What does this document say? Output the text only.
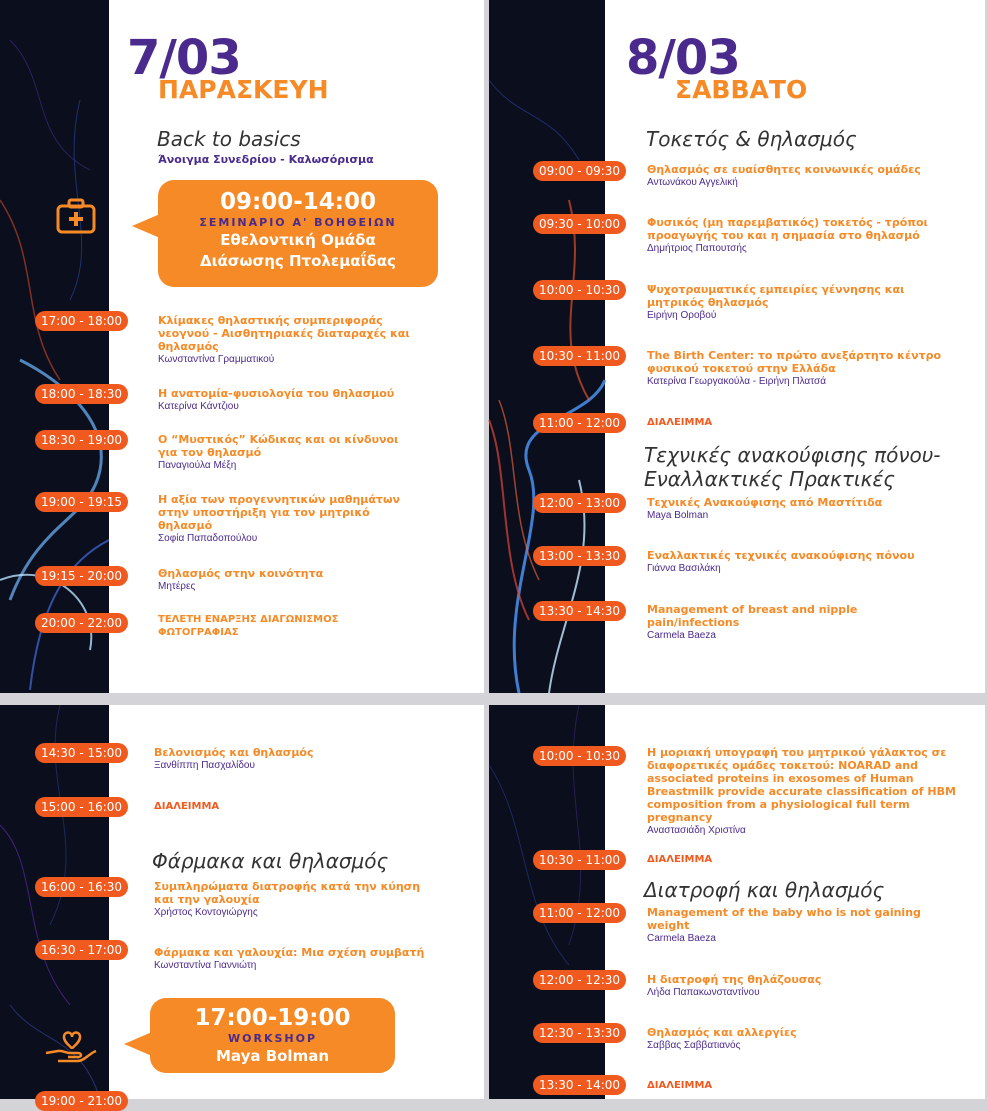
7/03
ΠΑΡΑΣΚΕΥΗ
Back to basics
Άνοιγμα Συνεδρίου - Καλωσόρισμα
09:00-14:00
ΣΕΜΙΝΑΡΙΟ Α' ΒΟΗΘΕΙΩΝ
Εθελοντική Ομάδα
Διάσωσης Πτολεμαΐδας
17:00 - 18:00	Κλίμακες θηλαστικής συμπεριφοράς νεογνού - Αισθητηριακές διαταραχές και θηλασμός
Κωνσταντίνα Γραμματικού
18:00 - 18:30	Η ανατομία-φυσιολογία του θηλασμού
Κατερίνα Κάντζιου
18:30 - 19:00	Ο “Μυστικός” Κώδικας και οι κίνδυνοι για τον θηλασμό
Παναγιούλα Μέξη
19:00 - 19:15	Η αξία των προγεννητικών μαθημάτων στην υποστήριξη για τον μητρικό θηλασμό
Σοφία Παπαδοπούλου
19:15 - 20:00	Θηλασμός στην κοινότητα
Μητέρες
20:00 - 22:00	ΤΕΛΕΤΗ ΕΝΑΡΞΗΣ ΔΙΑΓΩΝΙΣΜΟΣ ΦΩΤΟΓΡΑΦΙΑΣ
8/03
ΣΑΒΒΑΤΟ
Τοκετός & θηλασμός
09:00 - 09:30	Θηλασμός σε ευαίσθητες κοινωνικές ομάδες
Αντωνάκου Αγγελική
09:30 - 10:00	Φυσικός (μη παρεμβατικός) τοκετός - τρόποι προαγωγής του και η σημασία στο θηλασμό
Δημήτριος Παπουτσής
10:00 - 10:30	Ψυχοτραυματικές εμπειρίες γέννησης και μητρικός θηλασμός
Ειρήνη Οροβού
10:30 - 11:00	The Birth Center: το πρώτο ανεξάρτητο κέντρο φυσικού τοκετού στην Ελλάδα
Κατερίνα Γεωργακούλα - Ειρήνη Πλατσά
11:00 - 12:00	ΔΙΑΛΕΙΜΜΑ
Τεχνικές ανακούφισης πόνου-Εναλλακτικές Πρακτικές
12:00 - 13:00	Τεχνικές Ανακούφισης από Μαστίτιδα
Maya Bolman
13:00 - 13:30	Εναλλακτικές τεχνικές ανακούφισης πόνου
Γιάννα Βασιλάκη
13:30 - 14:30	Management of breast and nipple pain/infections
Carmela Baeza
14:30 - 15:00	Βελονισμός και θηλασμός
Ξανθίππη Πασχαλίδου
15:00 - 16:00	ΔΙΑΛΕΙΜΜΑ
Φάρμακα και θηλασμός
16:00 - 16:30	Συμπληρώματα διατροφής κατά την κύηση και την γαλουχία
Χρήστος Κοντογιώργης
16:30 - 17:00	Φάρμακα και γαλουχία: Μια σχέση συμβατή
Κωνσταντίνα Γιαννιώτη
17:00-19:00
WORKSHOP
Maya Bolman
19:00 - 21:00
10:00 - 10:30	Η μοριακή υπογραφή του μητρικού γάλακτος σε διαφορετικές ομάδες τοκετού: NOARAD and associated proteins in exosomes of Human Breastmilk provide accurate classification of HBM composition from a physiological full term pregnancy
Αναστασιάδη Χριστίνα
10:30 - 11:00	ΔΙΑΛΕΙΜΜΑ
Διατροφή και θηλασμός
11:00 - 12:00	Management of the baby who is not gaining weight
Carmela Baeza
12:00 - 12:30	Η διατροφή της θηλάζουσας
Λήδα Παπακωνσταντίνου
12:30 - 13:30	Θηλασμός και αλλεργίες
Σαββας Σαββατιανός
13:30 - 14:00	ΔΙΑΛΕΙΜΜΑ
